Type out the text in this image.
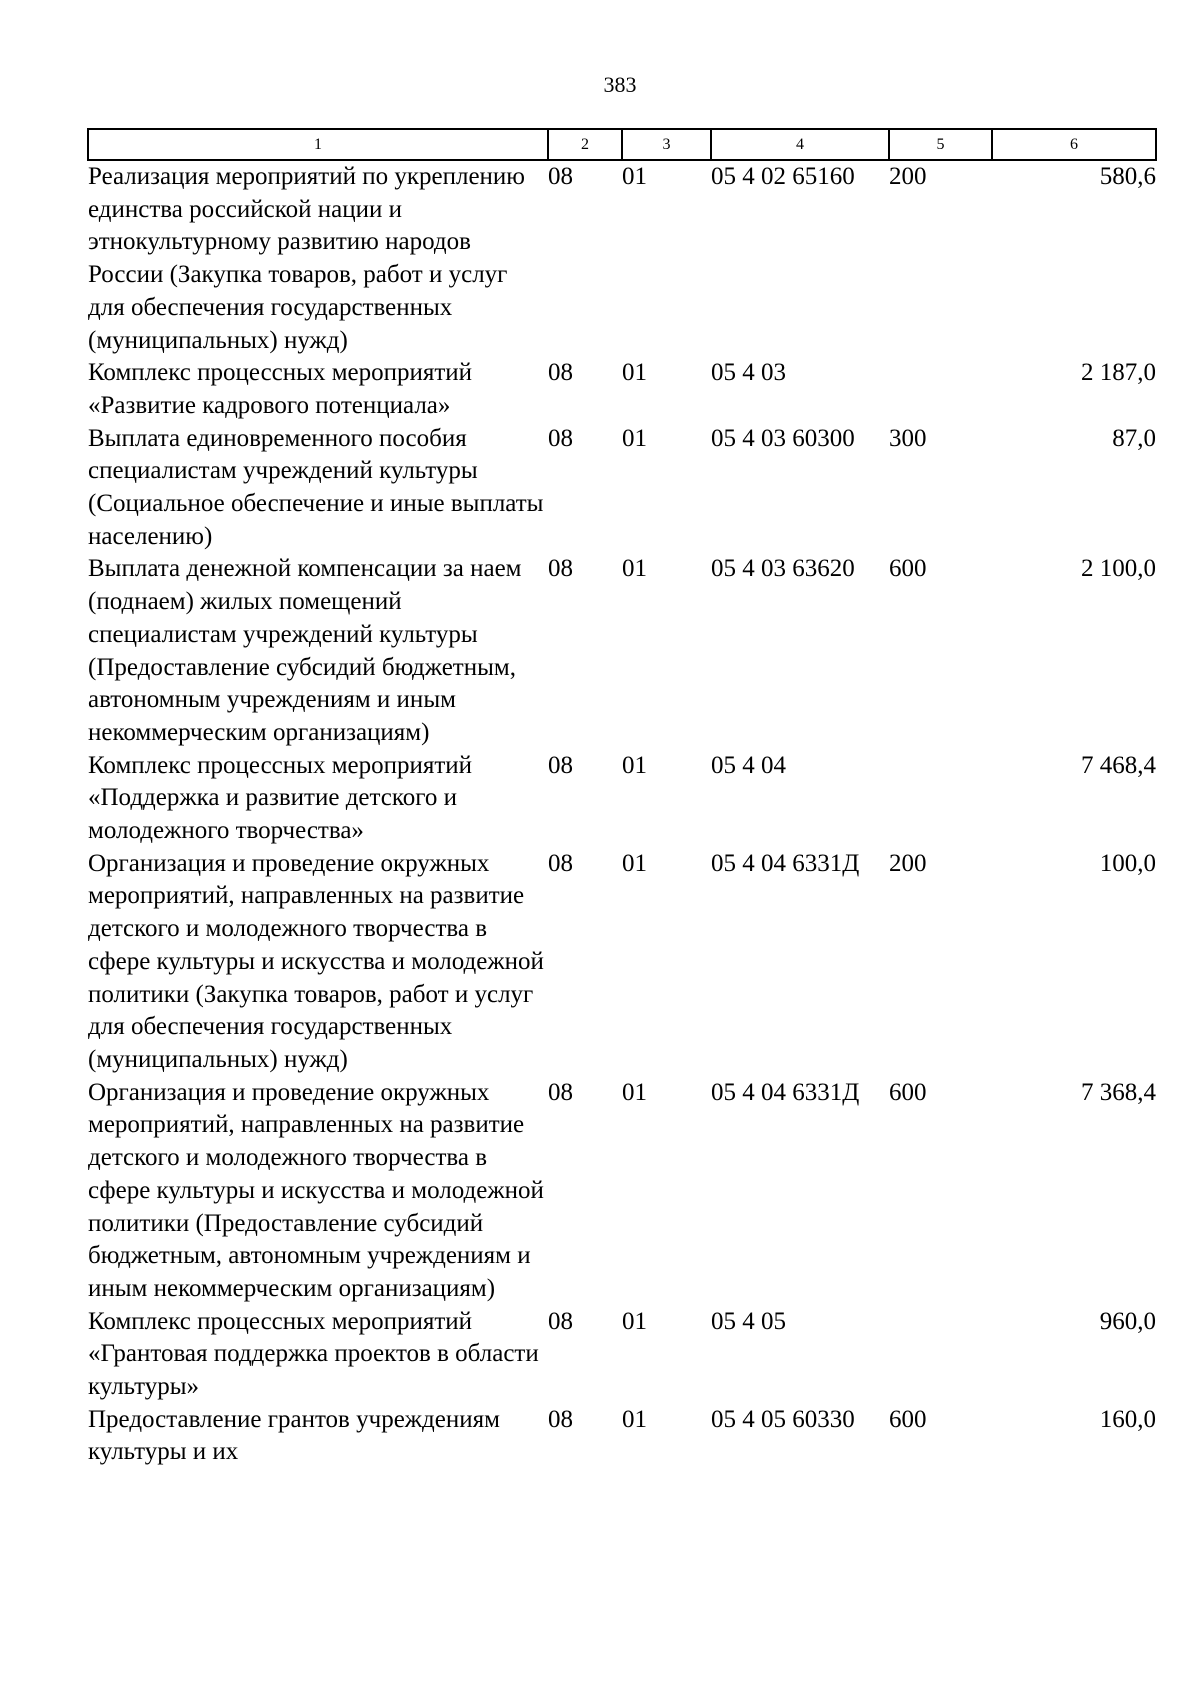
383
1	2	3	4	5	6
Реализация мероприятий по укреплению единства российской нации и этнокультурному развитию народов России (Закупка товаров, работ и услуг для обеспечения государственных (муниципальных) нужд)	08	01	05 4 02 65160	200	580,6
Комплекс процессных мероприятий «Развитие кадрового потенциала»	08	01	05 4 03		2 187,0
Выплата единовременного пособия специалистам учреждений культуры (Социальное обеспечение и иные выплаты населению)	08	01	05 4 03 60300	300	87,0
Выплата денежной компенсации за наем (поднаем) жилых помещений специалистам учреждений культуры (Предоставление субсидий бюджетным, автономным учреждениям и иным некоммерческим организациям)	08	01	05 4 03 63620	600	2 100,0
Комплекс процессных мероприятий «Поддержка и развитие детского и молодежного творчества»	08	01	05 4 04		7 468,4
Организация и проведение окружных мероприятий, направленных на развитие детского и молодежного творчества в сфере культуры и искусства и молодежной политики (Закупка товаров, работ и услуг для обеспечения государственных (муниципальных) нужд)	08	01	05 4 04 6331Д	200	100,0
Организация и проведение окружных мероприятий, направленных на развитие детского и молодежного творчества в сфере культуры и искусства и молодежной политики (Предоставление субсидий бюджетным, автономным учреждениям и иным некоммерческим организациям)	08	01	05 4 04 6331Д	600	7 368,4
Комплекс процессных мероприятий «Грантовая поддержка проектов в области культуры»	08	01	05 4 05		960,0
Предоставление грантов учреждениям культуры и их	08	01	05 4 05 60330	600	160,0
